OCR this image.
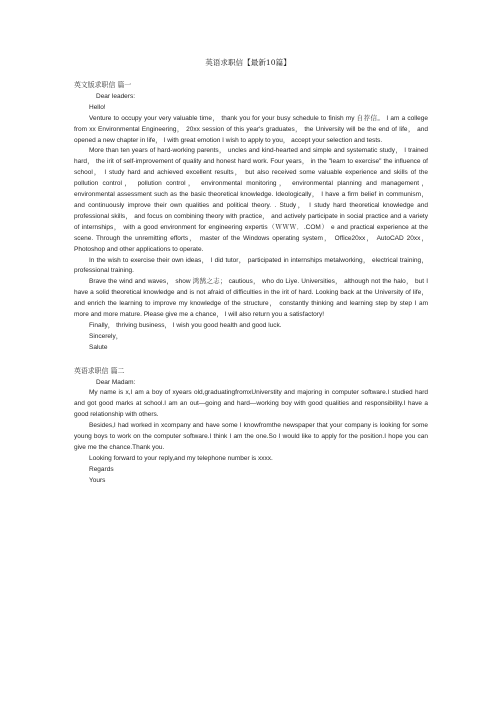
英语求职信【最新10篇】
英文版求职信 篇一

Dear leaders:

Hello!

Venture to occupy your very valuable time， thank you for your busy schedule to finish my 自荐信。 I am a college from xx Environmental Engineering， 20xx session of this year's graduates， the University will be the end of life， and opened a new chapter in life， I with great emotion I wish to apply to you， accept your selection and tests.

More than ten years of hard-working parents， uncles and kind-hearted and simple and systematic study， I trained hard， the irit of self-improvement of quality and honest hard work. Four years， in the "learn to exercise" the influence of school， I study hard and achieved excellent results， but also received some valuable experience and skills of the pollution control， pollution control， environmental monitoring， environmental planning and management， environmental assessment such as the basic theoretical knowledge. Ideologically， I have a firm belief in communism， and continuously improve their own qualities and political theory. . Study， I study hard theoretical knowledge and professional skills， and focus on combining theory with practice， and actively participate in social practice and a variety of internships， with a good environment for engineering expertis（ＷＷＷ．.COM） e and practical experience at the scene. Through the unremitting efforts， master of the Windows operating system， Office20xx， AutoCAD 20xx， Photoshop and other applications to operate.

In the wish to exercise their own ideas， I did tutor， participated in internships metalworking， electrical training， professional training.

Brave the wind and waves， show 鸿鹄之志； cautious， who do Liye. Universities， although not the halo， but I have a solid theoretical knowledge and is not afraid of difficulties in the irit of hard. Looking back at the University of life， and enrich the learning to improve my knowledge of the structure， constantly thinking and learning step by step I am more and more mature. Please give me a chance， I will also return you a satisfactory!

Finally， thriving business， I wish you good health and good luck.

Sincerely，

Salute

英语求职信 篇二

Dear Madam:

My name is x,I am a boy of xyears old,graduatingfromxUniverstity and majoring in computer software.I studied hard and got good marks at school.I am an out—going and hard—working boy with good qualities and responsibility.I have a good relationship with others.

Besides,I had worked in xcompany and have some I knowfromthe newspaper that your company is looking for some young boys to work on the computer software.I think I am the one.So I would like to apply for the position.I hope you can give me the chance.Thank you.

Looking forward to your reply,and my telephone number is xxxx.

Regards

Yours
